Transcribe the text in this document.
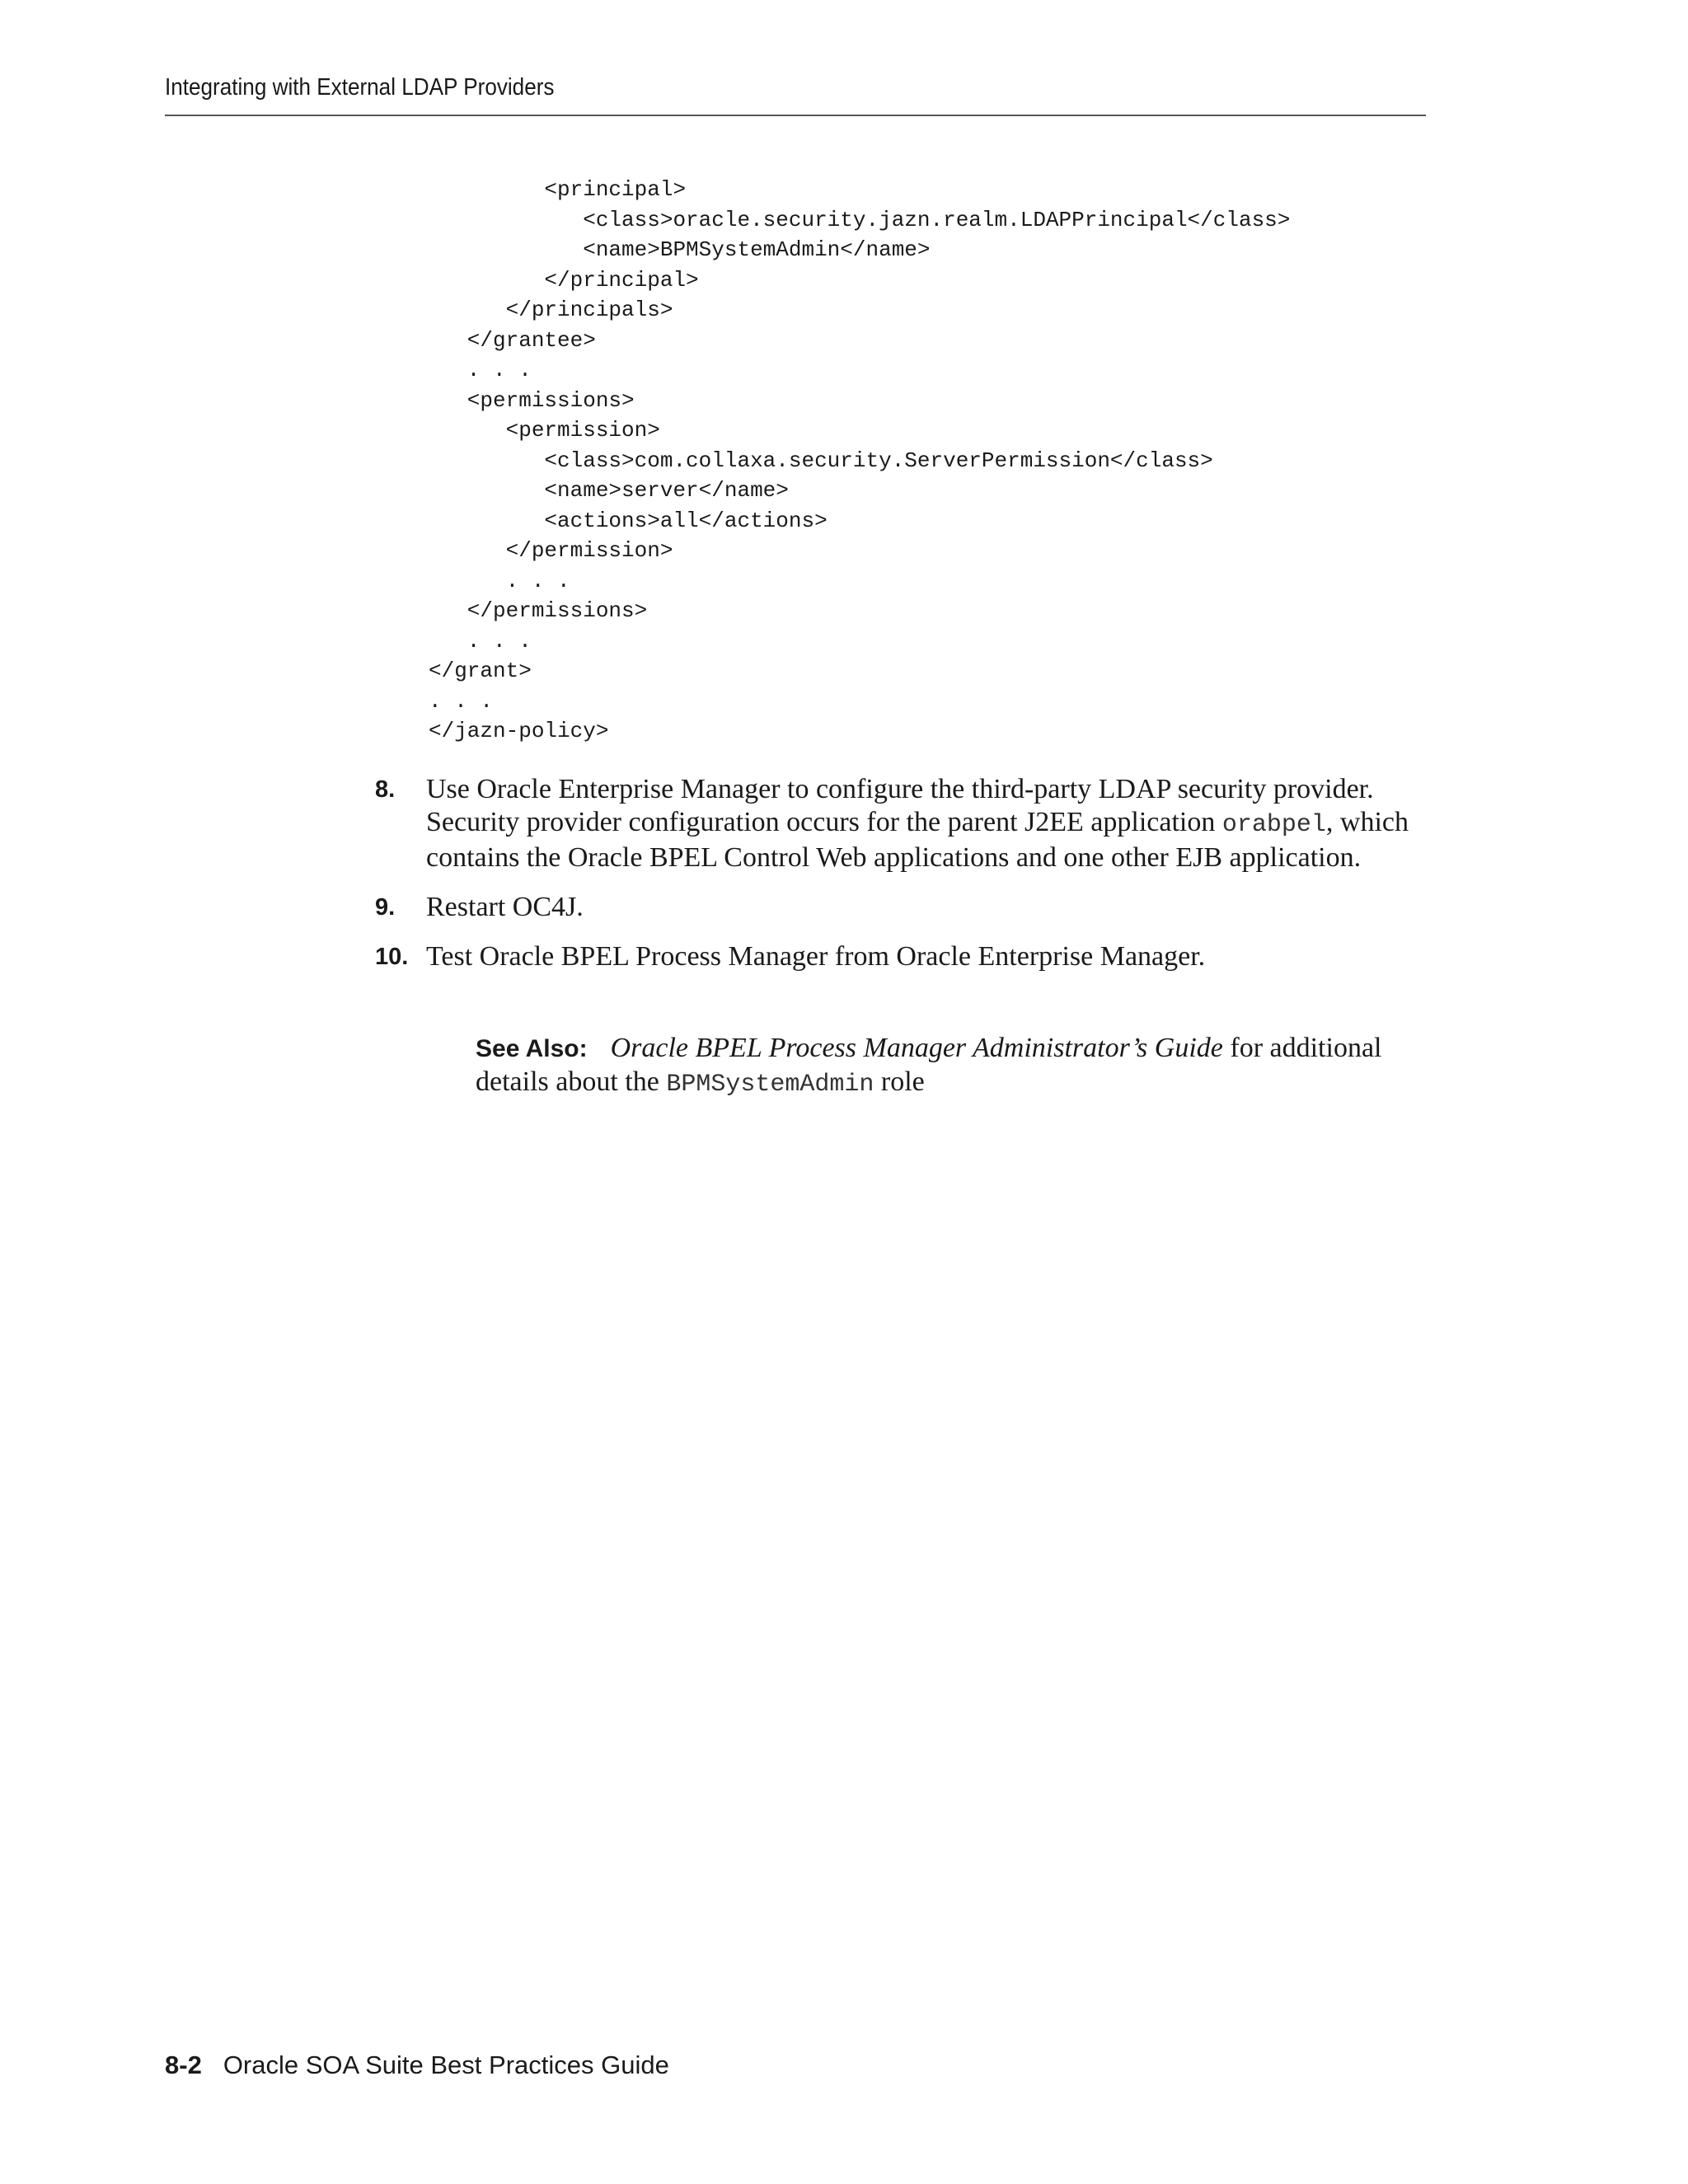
Integrating with External LDAP Providers
<principal>
<class>oracle.security.jazn.realm.LDAPPrincipal</class>
<name>BPMSystemAdmin</name>
</principal>
</principals>
</grantee>
. . .
<permissions>
<permission>
<class>com.collaxa.security.ServerPermission</class>
<name>server</name>
<actions>all</actions>
</permission>
. . .
</permissions>
. . .
</grant>
. . .
</jazn-policy>
8. Use Oracle Enterprise Manager to configure the third-party LDAP security provider. Security provider configuration occurs for the parent J2EE application orabpel, which contains the Oracle BPEL Control Web applications and one other EJB application.
9. Restart OC4J.
10. Test Oracle BPEL Process Manager from Oracle Enterprise Manager.
See Also: Oracle BPEL Process Manager Administrator’s Guide for additional details about the BPMSystemAdmin role
8-2 Oracle SOA Suite Best Practices Guide
